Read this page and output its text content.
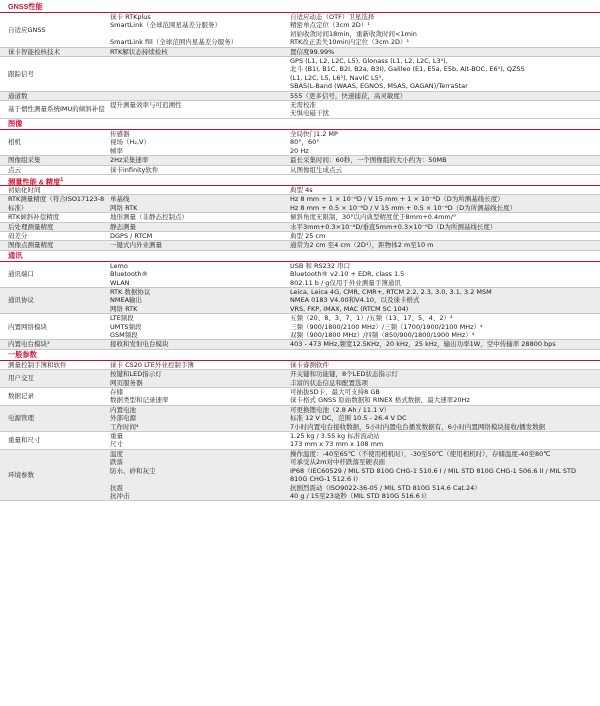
GNSS性能
自适应GNSS
徕卡 RTKplus	自适应动态（OTF）卫星选择
SmartLink（全球范围星基差分服务）	精密单点定位（3cm 2D）¹
初始收敛时间18min，重新收敛时间<1min
SmartLink fill（全球范围内星基差分服务）	RTK改正丢失10min内定位（3cm 2D）¹
徕卡智能检核技术	RTK解状态持续检核	置信度99.99%
跟踪信号
GPS (L1, L2, L2C, L5), Glonass (L1, L2, L2C, L3⁵),
北斗 (B1I, B1C, B2I, B2a, B3I), Galileo (E1, E5a, E5b, Alt-BOC, E6⁵), QZSS
(L1, L2C, L5, L6⁵), NavIC L5⁵,
SBAS(L-Band (WAAS, EGNOS, MSAS, GAGAN)/TerraStar
通道数	555（更多信号，快速捕获，高灵敏度）
基于惯性测量系统IMU的倾斜补偿
提升测量效率与可追溯性	无需校准
无惧电磁干扰
图像
相机
传感器	全局快门1.2 MP
视场（H₂,V）	80°，60°
帧率	20 Hz
图像组采集	2Hz采集速率	最长采集时间：60秒，一个图像组的大小约为：50MB
点云	徕卡infinity软件	从图像组生成点云
测量性能 & 精度$^1$
初始化时间	典型 4s
RTK测量精度（符合ISO17123-8标准）
单基线	Hz 8 mm + 1 × 10⁻⁶D / V 15 mm + 1 × 10⁻⁶D（D为所测基线长度）
网络 RTK	Hz 8 mm + 0.5 × 10⁻⁶D / V 15 mm + 0.5 × 10⁻⁶D（D为所测基线长度）
RTK倾斜补偿精度	地形测量（非静态控制点）	倾斜角度无限制，30°以内典型精度优于8mm+0.4mm/°
后处理测量精度	静态测量	水平3mm+0.3×10⁻⁶D/垂直5mm+0.3×10⁻⁶D（D为所测基线长度）
码差分	DGPS / RTCM	典型 25 cm
图像点测量精度	一键式内外业测量	通常为2 cm 至4 cm（2D¹），距物体2 m至10 m
通讯
通讯端口
Lemo	USB 和 RS232 串口
Bluetooth®	Bluetooth® v2.10 + EDR, class 1.5
WLAN	802.11 b / g仅用于外业测量手簿通讯
通讯协议
RTK 数据协议	Leica, Leica 4G, CMR, CMR+, RTCM 2.2, 2.3, 3.0, 3.1, 3.2 MSM
NMEA输出	NMEA 0183 V4.00和V4.10，以及徕卡格式
网络 RTK	VRS, FKP, iMAX, MAC (RTCM SC 104)
内置网络模块
LTE频段	五频（20、8、3、7、1）/五频（13、17、5、4、2）⁴
UMTS频段	三频（900/1800/2100 MHz）/三频（1700/1900/2100 MHz）⁴
GSM频段	双频（900/1800 MHz）/四频（850/900/1800/1900 MHz）⁴
内置电台模块³	接收和发射电台模块	403 - 473 MHz,频宽12.5KHz，20 kHz，25 kHz，输出功率1W，空中传输率 28800 bps
一般参数
测量控制手簿和软件	徕卡 CS20 LTE外业控制手簿	徕卡睿测软件
用户交互
按键和LED指示灯	开关键和功能键，8个LED状态指示灯
网页服务器	丰富的状态信息和配置选项
数据记录
存储	可插拔SD卡，最大可支持8 GB
数据类型和记录速率	徕卡格式 GNSS 原始数据和 RINEX 格式数据，最大速率20Hz
电源管理
内置电池	可更换锂电池（2.8 Ah / 11.1 V）
外部电源	标准 12 V DC，范围 10.5 - 26.4 V DC
工作时间⁴	7小时内置电台接收数据，5小时内置电台播发数据有，6小时内置网络模块接收/播发数据
重量和尺寸
重量	1.25 kg / 3.55 kg 标准流动站
尺寸	173 mm x 73 mm x 108 mm
环境参数
温度	操作温度：-40至65℃（不使用相机时），-30至50℃（使用相机时），存储温度-40至80℃
跌落	可承受从2m对中杆跌落至硬表面
防水、砂和灰尘	IP68（IEC60529 / MIL STD 810G CHG-1 510.6 I / MIL STD 810G CHG-1 506.6 II / MIL STD 810G CHG-1 512.6 I）
抗震	抗剧烈震动（ISO9022-36-05 / MIL STD 810G 514.6 Cat.24）
抗冲击	40 g / 15至23毫秒（MIL STD 810G 516.6 I）
